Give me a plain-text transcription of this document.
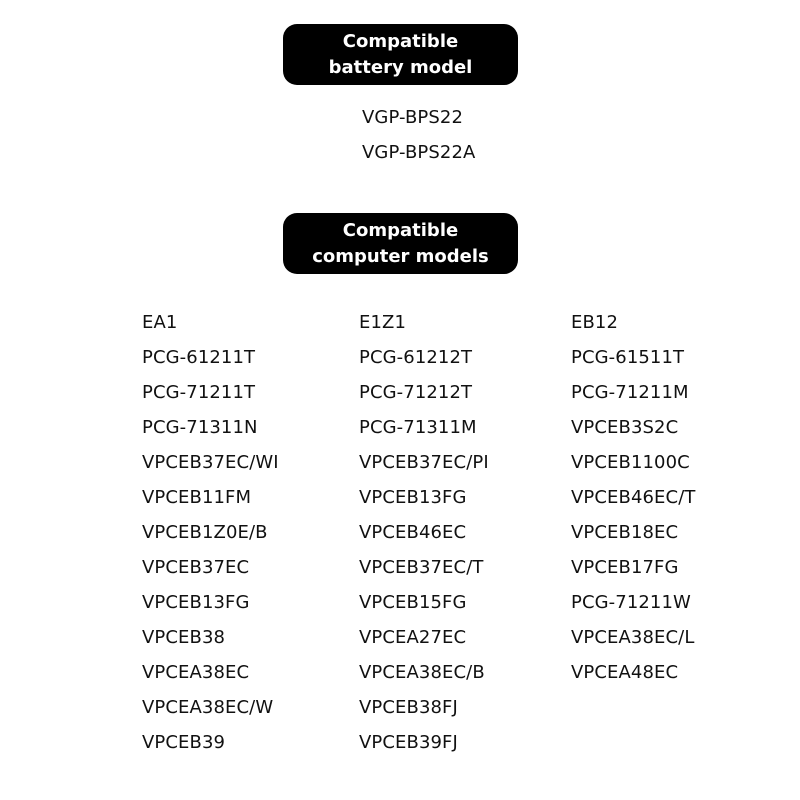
Compatible
battery model
VGP-BPS22
VGP-BPS22A
Compatible
computer models
EA1
PCG-61211T
PCG-71211T
PCG-71311N
VPCEB37EC/WI
VPCEB11FM
VPCEB1Z0E/B
VPCEB37EC
VPCEB13FG
VPCEB38
VPCEA38EC
VPCEA38EC/W
VPCEB39
E1Z1
PCG-61212T
PCG-71212T
PCG-71311M
VPCEB37EC/PI
VPCEB13FG
VPCEB46EC
VPCEB37EC/T
VPCEB15FG
VPCEA27EC
VPCEA38EC/B
VPCEB38FJ
VPCEB39FJ
EB12
PCG-61511T
PCG-71211M
VPCEB3S2C
VPCEB1100C
VPCEB46EC/T
VPCEB18EC
VPCEB17FG
PCG-71211W
VPCEA38EC/L
VPCEA48EC
